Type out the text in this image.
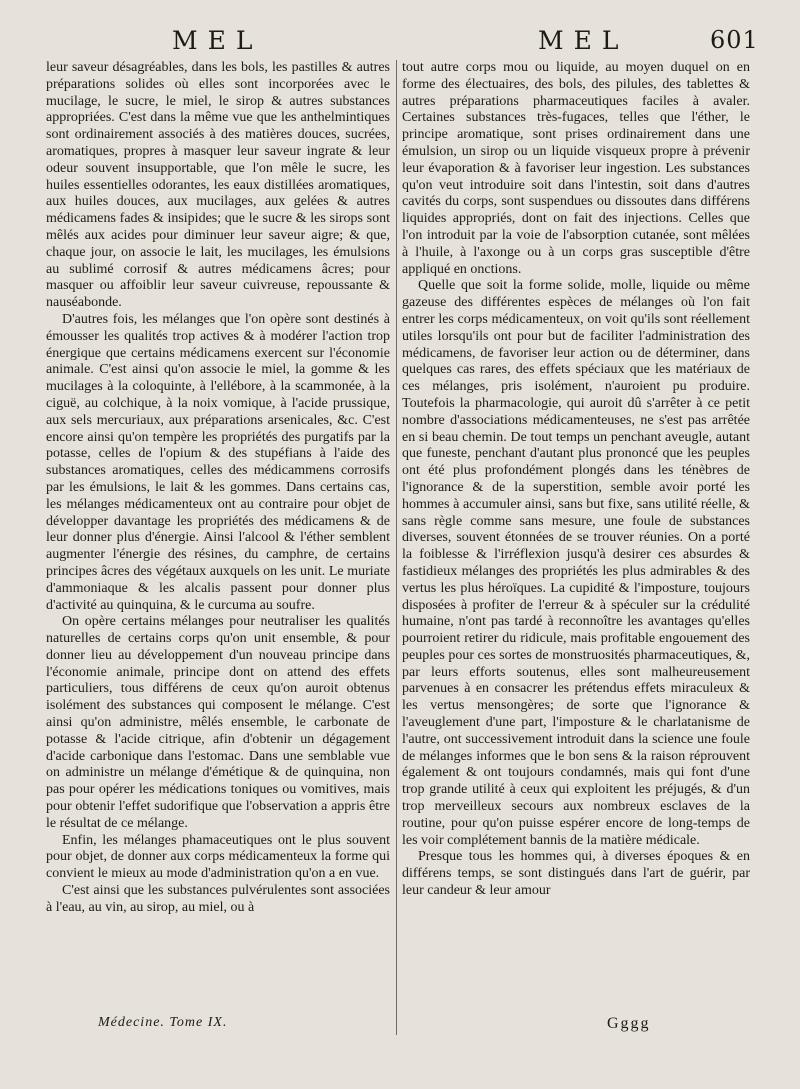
MEL	MEL	601

leur saveur désagréables, dans les bols, les pastilles & autres préparations solides où elles sont incorporées avec le mucilage, le sucre, le miel, le sirop & autres substances appropriées. C'est dans la même vue que les anthelmintiques sont ordinairement associés à des matières douces, sucrées, aromatiques, propres à masquer leur saveur ingrate & leur odeur souvent insupportable, que l'on mêle le sucre, les huiles essentielles odorantes, les eaux distillées aromatiques, aux huiles douces, aux mucilages, aux gelées & autres médicamens fades & insipides; que le sucre & les sirops sont mêlés aux acides pour diminuer leur saveur aigre; & que, chaque jour, on associe le lait, les mucilages, les émulsions au sublimé corrosif & autres médicamens âcres; pour masquer ou affoiblir leur saveur cuivreuse, repoussante & nauséabonde.

D'autres fois, les mélanges que l'on opère sont destinés à émousser les qualités trop actives & à modérer l'action trop énergique que certains médicamens exercent sur l'économie animale. C'est ainsi qu'on associe le miel, la gomme & les mucilages à la coloquinte, à l'ellébore, à la scammonée, à la ciguë, au colchique, à la noix vomique, à l'acide prussique, aux sels mercuriaux, aux préparations arsenicales, &c. C'est encore ainsi qu'on tempère les propriétés des purgatifs par la potasse, celles de l'opium & des stupéfians à l'aide des substances aromatiques, celles des médicammens corrosifs par les émulsions, le lait & les gommes. Dans certains cas, les mélanges médicamenteux ont au contraire pour objet de développer davantage les propriétés des médicamens & de leur donner plus d'énergie. Ainsi l'alcool & l'éther semblent augmenter l'énergie des résines, du camphre, de certains principes âcres des végétaux auxquels on les unit. Le muriate d'ammoniaque & les alcalis passent pour donner plus d'activité au quinquina, & le curcuma au soufre.

On opère certains mélanges pour neutraliser les qualités naturelles de certains corps qu'on unit ensemble, & pour donner lieu au développement d'un nouveau principe dans l'économie animale, principe dont on attend des effets particuliers, tous différens de ceux qu'on auroit obtenus isolément des substances qui composent le mélange. C'est ainsi qu'on administre, mêlés ensemble, le carbonate de potasse & l'acide citrique, afin d'obtenir un dégagement d'acide carbonique dans l'estomac. Dans une semblable vue on administre un mélange d'émétique & de quinquina, non pas pour opérer les médications toniques ou vomitives, mais pour obtenir l'effet sudorifique que l'observation a appris être le résultat de ce mélange.

Enfin, les mélanges phamaceutiques ont le plus souvent pour objet, de donner aux corps médicamenteux la forme qui convient le mieux au mode d'administration qu'on a en vue.

C'est ainsi que les substances pulvérulentes sont associées à l'eau, au vin, au sirop, au miel, ou à

tout autre corps mou ou liquide, au moyen duquel on en forme des électuaires, des bols, des pilules, des tablettes & autres préparations pharmaceutiques faciles à avaler. Certaines substances très-fugaces, telles que l'éther, le principe aromatique, sont prises ordinairement dans une émulsion, un sirop ou un liquide visqueux propre à prévenir leur évaporation & à favoriser leur ingestion. Les substances qu'on veut introduire soit dans l'intestin, soit dans d'autres cavités du corps, sont suspendues ou dissoutes dans différens liquides appropriés, dont on fait des injections. Celles que l'on introduit par la voie de l'absorption cutanée, sont mêlées à l'huile, à l'axonge ou à un corps gras susceptible d'être appliqué en onctions.

Quelle que soit la forme solide, molle, liquide ou même gazeuse des différentes espèces de mélanges où l'on fait entrer les corps médicamenteux, on voit qu'ils sont réellement utiles lorsqu'ils ont pour but de faciliter l'administration des médicamens, de favoriser leur action ou de déterminer, dans quelques cas rares, des effets spéciaux que les matériaux de ces mélanges, pris isolément, n'auroient pu produire. Toutefois la pharmacologie, qui auroit dû s'arrêter à ce petit nombre d'associations médicamenteuses, ne s'est pas arrêtée en si beau chemin. De tout temps un penchant aveugle, autant que funeste, penchant d'autant plus prononcé que les peuples ont été plus profondément plongés dans les ténèbres de l'ignorance & de la superstition, semble avoir porté les hommes à accumuler ainsi, sans but fixe, sans utilité réelle, & sans règle comme sans mesure, une foule de substances diverses, souvent étonnées de se trouver réunies. On a porté la foiblesse & l'irréflexion jusqu'à desirer ces absurdes & fastidieux mélanges des propriétés les plus admirables & des vertus les plus héroïques. La cupidité & l'imposture, toujours disposées à profiter de l'erreur & à spéculer sur la crédulité humaine, n'ont pas tardé à reconnoître les avantages qu'elles pourroient retirer du ridicule, mais profitable engouement des peuples pour ces sortes de monstruosités pharmaceutiques, &, par leurs efforts soutenus, elles sont malheureusement parvenues à en consacrer les prétendus effets miraculeux & les vertus mensongères; de sorte que l'ignorance & l'aveuglement d'une part, l'imposture & le charlatanisme de l'autre, ont successivement introduit dans la science une foule de mélanges informes que le bon sens & la raison réprouvent également & ont toujours condamnés, mais qui font d'une trop grande utilité à ceux qui exploitent les préjugés, & d'un trop merveilleux secours aux nombreux esclaves de la routine, pour qu'on puisse espérer encore de long-temps de les voir complétement bannis de la matière médicale.

Presque tous les hommes qui, à diverses époques & en différens temps, se sont distingués dans l'art de guérir, par leur candeur & leur amour

Médecine. Tome IX.	Gggg
